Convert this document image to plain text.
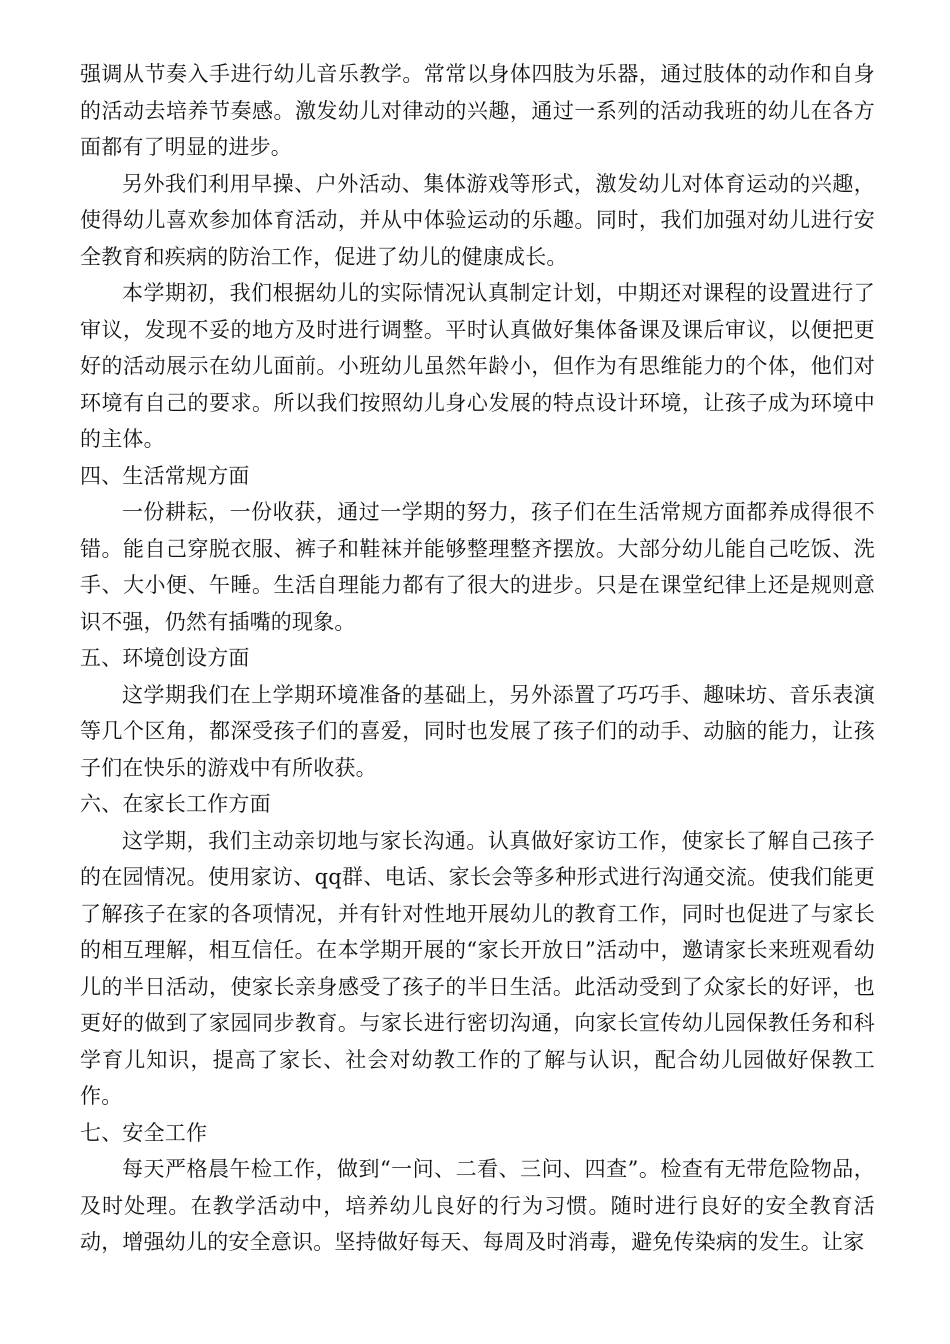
强调从节奏入手进行幼儿音乐教学。常常以身体四肢为乐器，通过肢体的动作和自身的活动去培养节奏感。激发幼儿对律动的兴趣，通过一系列的活动我班的幼儿在各方面都有了明显的进步。

另外我们利用早操、户外活动、集体游戏等形式，激发幼儿对体育运动的兴趣，使得幼儿喜欢参加体育活动，并从中体验运动的乐趣。同时，我们加强对幼儿进行安全教育和疾病的防治工作，促进了幼儿的健康成长。

本学期初，我们根据幼儿的实际情况认真制定计划，中期还对课程的设置进行了审议，发现不妥的地方及时进行调整。平时认真做好集体备课及课后审议，以便把更好的活动展示在幼儿面前。小班幼儿虽然年龄小，但作为有思维能力的个体，他们对环境有自己的要求。所以我们按照幼儿身心发展的特点设计环境，让孩子成为环境中的主体。

四、生活常规方面

一份耕耘，一份收获，通过一学期的努力，孩子们在生活常规方面都养成得很不错。能自己穿脱衣服、裤子和鞋袜并能够整理整齐摆放。大部分幼儿能自己吃饭、洗手、大小便、午睡。生活自理能力都有了很大的进步。只是在课堂纪律上还是规则意识不强，仍然有插嘴的现象。

五、环境创设方面

这学期我们在上学期环境准备的基础上，另外添置了巧巧手、趣味坊、音乐表演等几个区角，都深受孩子们的喜爱，同时也发展了孩子们的动手、动脑的能力，让孩子们在快乐的游戏中有所收获。

六、在家长工作方面

这学期，我们主动亲切地与家长沟通。认真做好家访工作，使家长了解自己孩子的在园情况。使用家访、qq群、电话、家长会等多种形式进行沟通交流。使我们能更了解孩子在家的各项情况，并有针对性地开展幼儿的教育工作，同时也促进了与家长的相互理解，相互信任。在本学期开展的“家长开放日”活动中，邀请家长来班观看幼儿的半日活动，使家长亲身感受了孩子的半日生活。此活动受到了众家长的好评，也更好的做到了家园同步教育。与家长进行密切沟通，向家长宣传幼儿园保教任务和科学育儿知识，提高了家长、社会对幼教工作的了解与认识，配合幼儿园做好保教工作。

七、安全工作

每天严格晨午检工作，做到“一问、二看、三问、四查”。检查有无带危险物品，及时处理。在教学活动中，培养幼儿良好的行为习惯。随时进行良好的安全教育活动，增强幼儿的安全意识。坚持做好每天、每周及时消毒，避免传染病的发生。让家
